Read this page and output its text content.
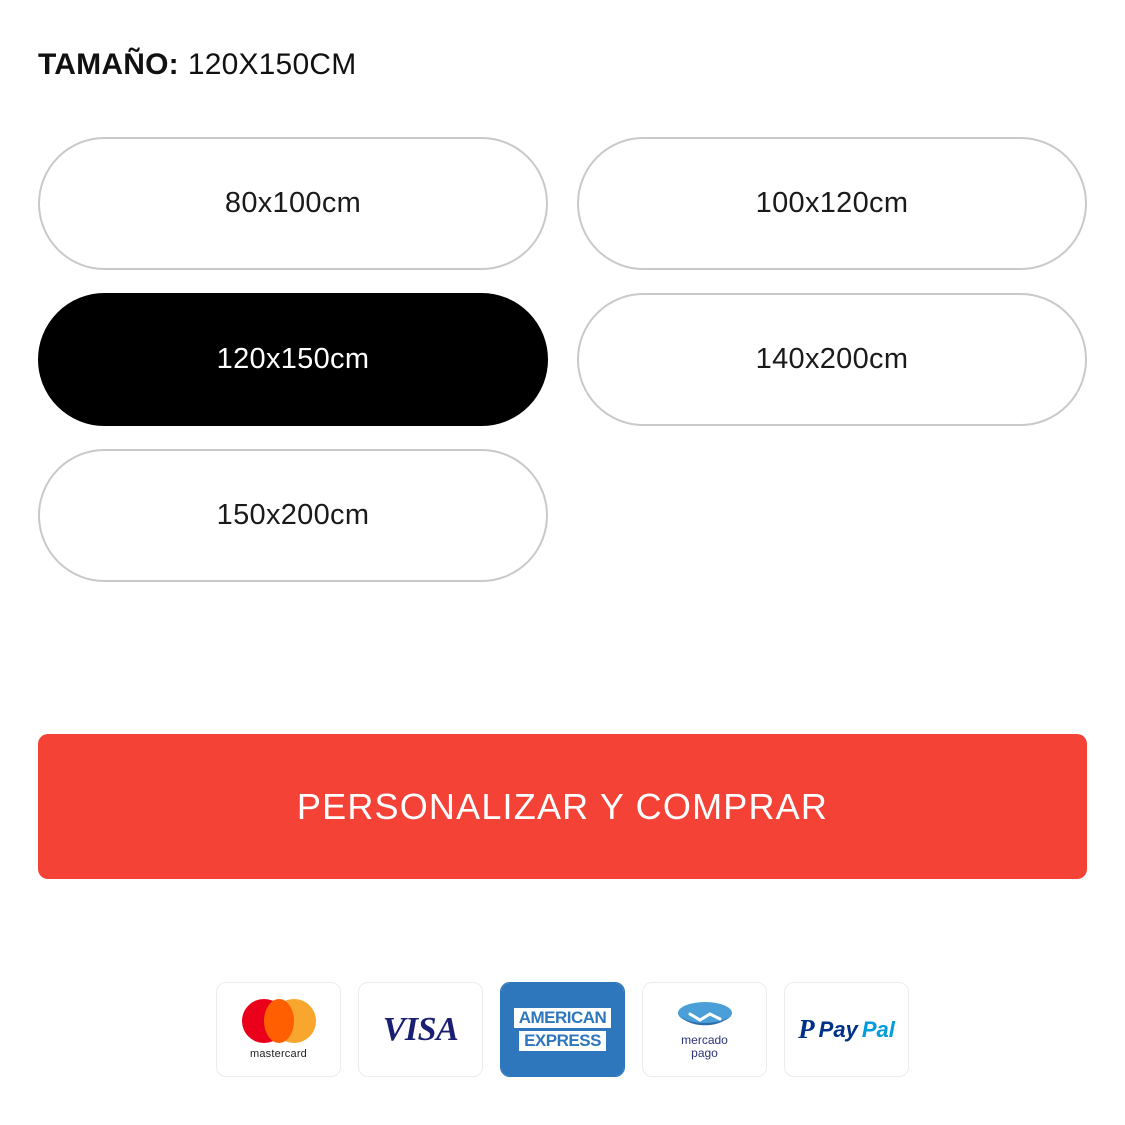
TAMAÑO: 120X150CM
80x100cm	100x120cm
120x150cm	140x200cm
150x200cm
PERSONALIZAR Y COMPRAR
mastercard
VISA	AMERICAN
EXPRESS	mercado
pago
P Pay Pal
